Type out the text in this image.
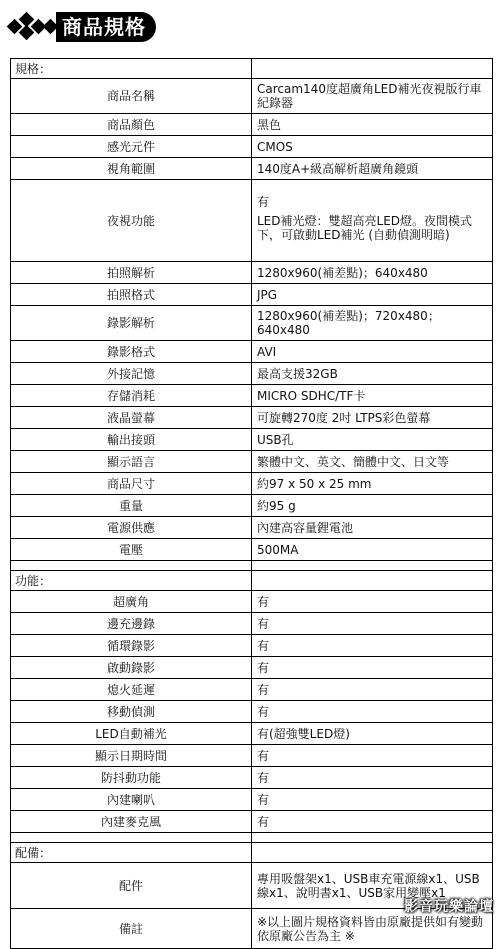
商品規格
規格：	
商品名稱	Carcam140度超廣角LED補光夜視版行車紀錄器
商品顏色	黑色
感光元件	CMOS
視角範圍	140度A+級高解析超廣角鏡頭
夜視功能	有

LED補光燈：雙超高亮LED燈。夜間模式下，可啟動LED補光 (自動偵測明暗)

拍照解析	1280x960(補差點)；640x480
拍照格式	JPG
錄影解析	1280x960(補差點)；720x480；640x480
錄影格式	AVI
外接記憶	最高支援32GB
存儲消耗	MICRO SDHC/TF卡
液晶螢幕	可旋轉270度 2吋 LTPS彩色螢幕
輸出接頭	USB孔
顯示語言	繁體中文、英文、簡體中文、日文等
商品尺寸	約97 x 50 x 25 mm
重量	約95 g
電源供應	內建高容量鋰電池
電壓	500MA

功能：	
超廣角	有
邊充邊錄	有
循環錄影	有
啟動錄影	有
熄火延遲	有
移動偵測	有
LED自動補光	有(超強雙LED燈)
顯示日期時間	有
防抖動功能	有
內建喇叭	有
內建麥克風	有

配備：	
配件	專用吸盤架x1、USB車充電源線x1、USB線x1、說明書x1、USB家用變壓x1
備註	※以上圖片規格資料皆由原廠提供如有變動依原廠公告為主 ※
影音玩樂論壇
